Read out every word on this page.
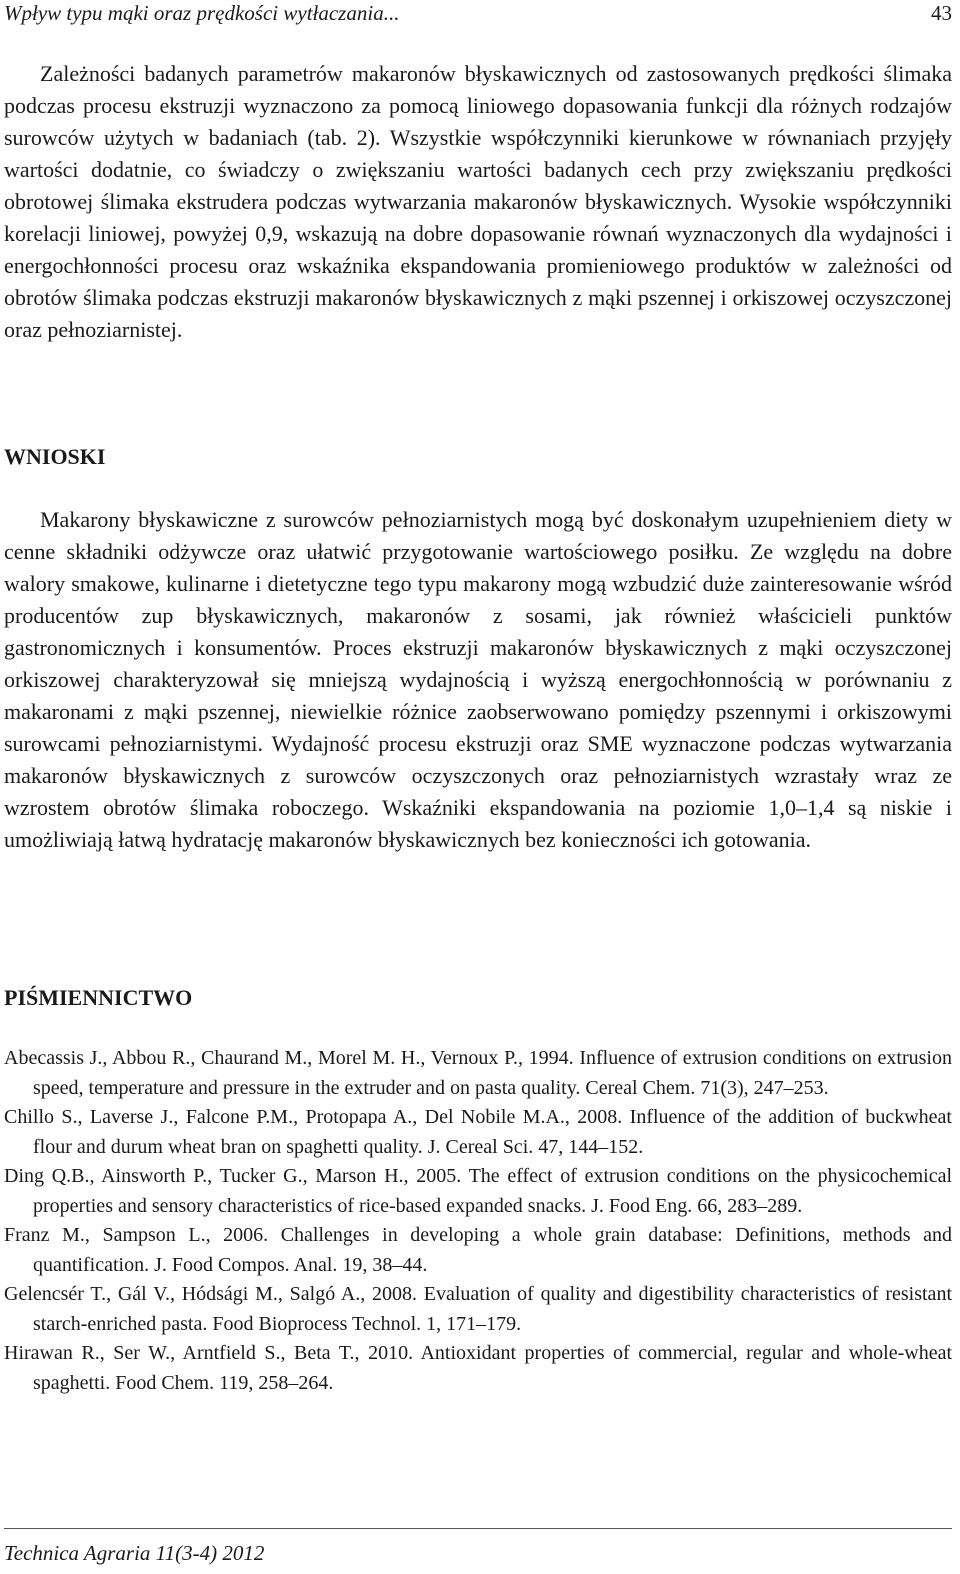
Wpływ typu mąki oraz prędkości wytłaczania...	43

Zależności badanych parametrów makaronów błyskawicznych od zastosowanych prędkości ślimaka podczas procesu ekstruzji wyznaczono za pomocą liniowego dopasowania funkcji dla różnych rodzajów surowców użytych w badaniach (tab. 2). Wszystkie współczynniki kierunkowe w równaniach przyjęły wartości dodatnie, co świadczy o zwiększaniu wartości badanych cech przy zwiększaniu prędkości obrotowej ślimaka ekstrudera podczas wytwarzania makaronów błyskawicznych. Wysokie współczynniki korelacji liniowej, powyżej 0,9, wskazują na dobre dopasowanie równań wyznaczonych dla wydajności i energochłonności procesu oraz wskaźnika ekspandowania promieniowego produktów w zależności od obrotów ślimaka podczas ekstruzji makaronów błyskawicznych z mąki pszennej i orkiszowej oczyszczonej oraz pełnoziarnistej.

WNIOSKI

Makarony błyskawiczne z surowców pełnoziarnistych mogą być doskonałym uzupełnieniem diety w cenne składniki odżywcze oraz ułatwić przygotowanie wartościowego posiłku. Ze względu na dobre walory smakowe, kulinarne i dietetyczne tego typu makarony mogą wzbudzić duże zainteresowanie wśród producentów zup błyskawicznych, makaronów z sosami, jak również właścicieli punktów gastronomicznych i konsumentów. Proces ekstruzji makaronów błyskawicznych z mąki oczyszczonej orkiszowej charakteryzował się mniejszą wydajnością i wyższą energochłonnością w porównaniu z makaronami z mąki pszennej, niewielkie różnice zaobserwowano pomiędzy pszennymi i orkiszowymi surowcami pełnoziarnistymi. Wydajność procesu ekstruzji oraz SME wyznaczone podczas wytwarzania makaronów błyskawicznych z surowców oczyszczonych oraz pełnoziarnistych wzrastały wraz ze wzrostem obrotów ślimaka roboczego. Wskaźniki ekspandowania na poziomie 1,0–1,4 są niskie i umożliwiają łatwą hydratację makaronów błyskawicznych bez konieczności ich gotowania.

PIŚMIENNICTWO
Abecassis J., Abbou R., Chaurand M., Morel M. H., Vernoux P., 1994. Influence of extrusion conditions on extrusion speed, temperature and pressure in the extruder and on pasta quality. Cereal Chem. 71(3), 247–253.
Chillo S., Laverse J., Falcone P.M., Protopapa A., Del Nobile M.A., 2008. Influence of the addition of buckwheat flour and durum wheat bran on spaghetti quality. J. Cereal Sci. 47, 144–152.
Ding Q.B., Ainsworth P., Tucker G., Marson H., 2005. The effect of extrusion conditions on the physicochemical properties and sensory characteristics of rice-based expanded snacks. J. Food Eng. 66, 283–289.
Franz M., Sampson L., 2006. Challenges in developing a whole grain database: Definitions, methods and quantification. J. Food Compos. Anal. 19, 38–44.
Gelencsér T., Gál V., Hódsági M., Salgó A., 2008. Evaluation of quality and digestibility characteristics of resistant starch-enriched pasta. Food Bioprocess Technol. 1, 171–179.
Hirawan R., Ser W., Arntfield S., Beta T., 2010. Antioxidant properties of commercial, regular and whole-wheat spaghetti. Food Chem. 119, 258–264.
Technica Agraria 11(3-4) 2012
